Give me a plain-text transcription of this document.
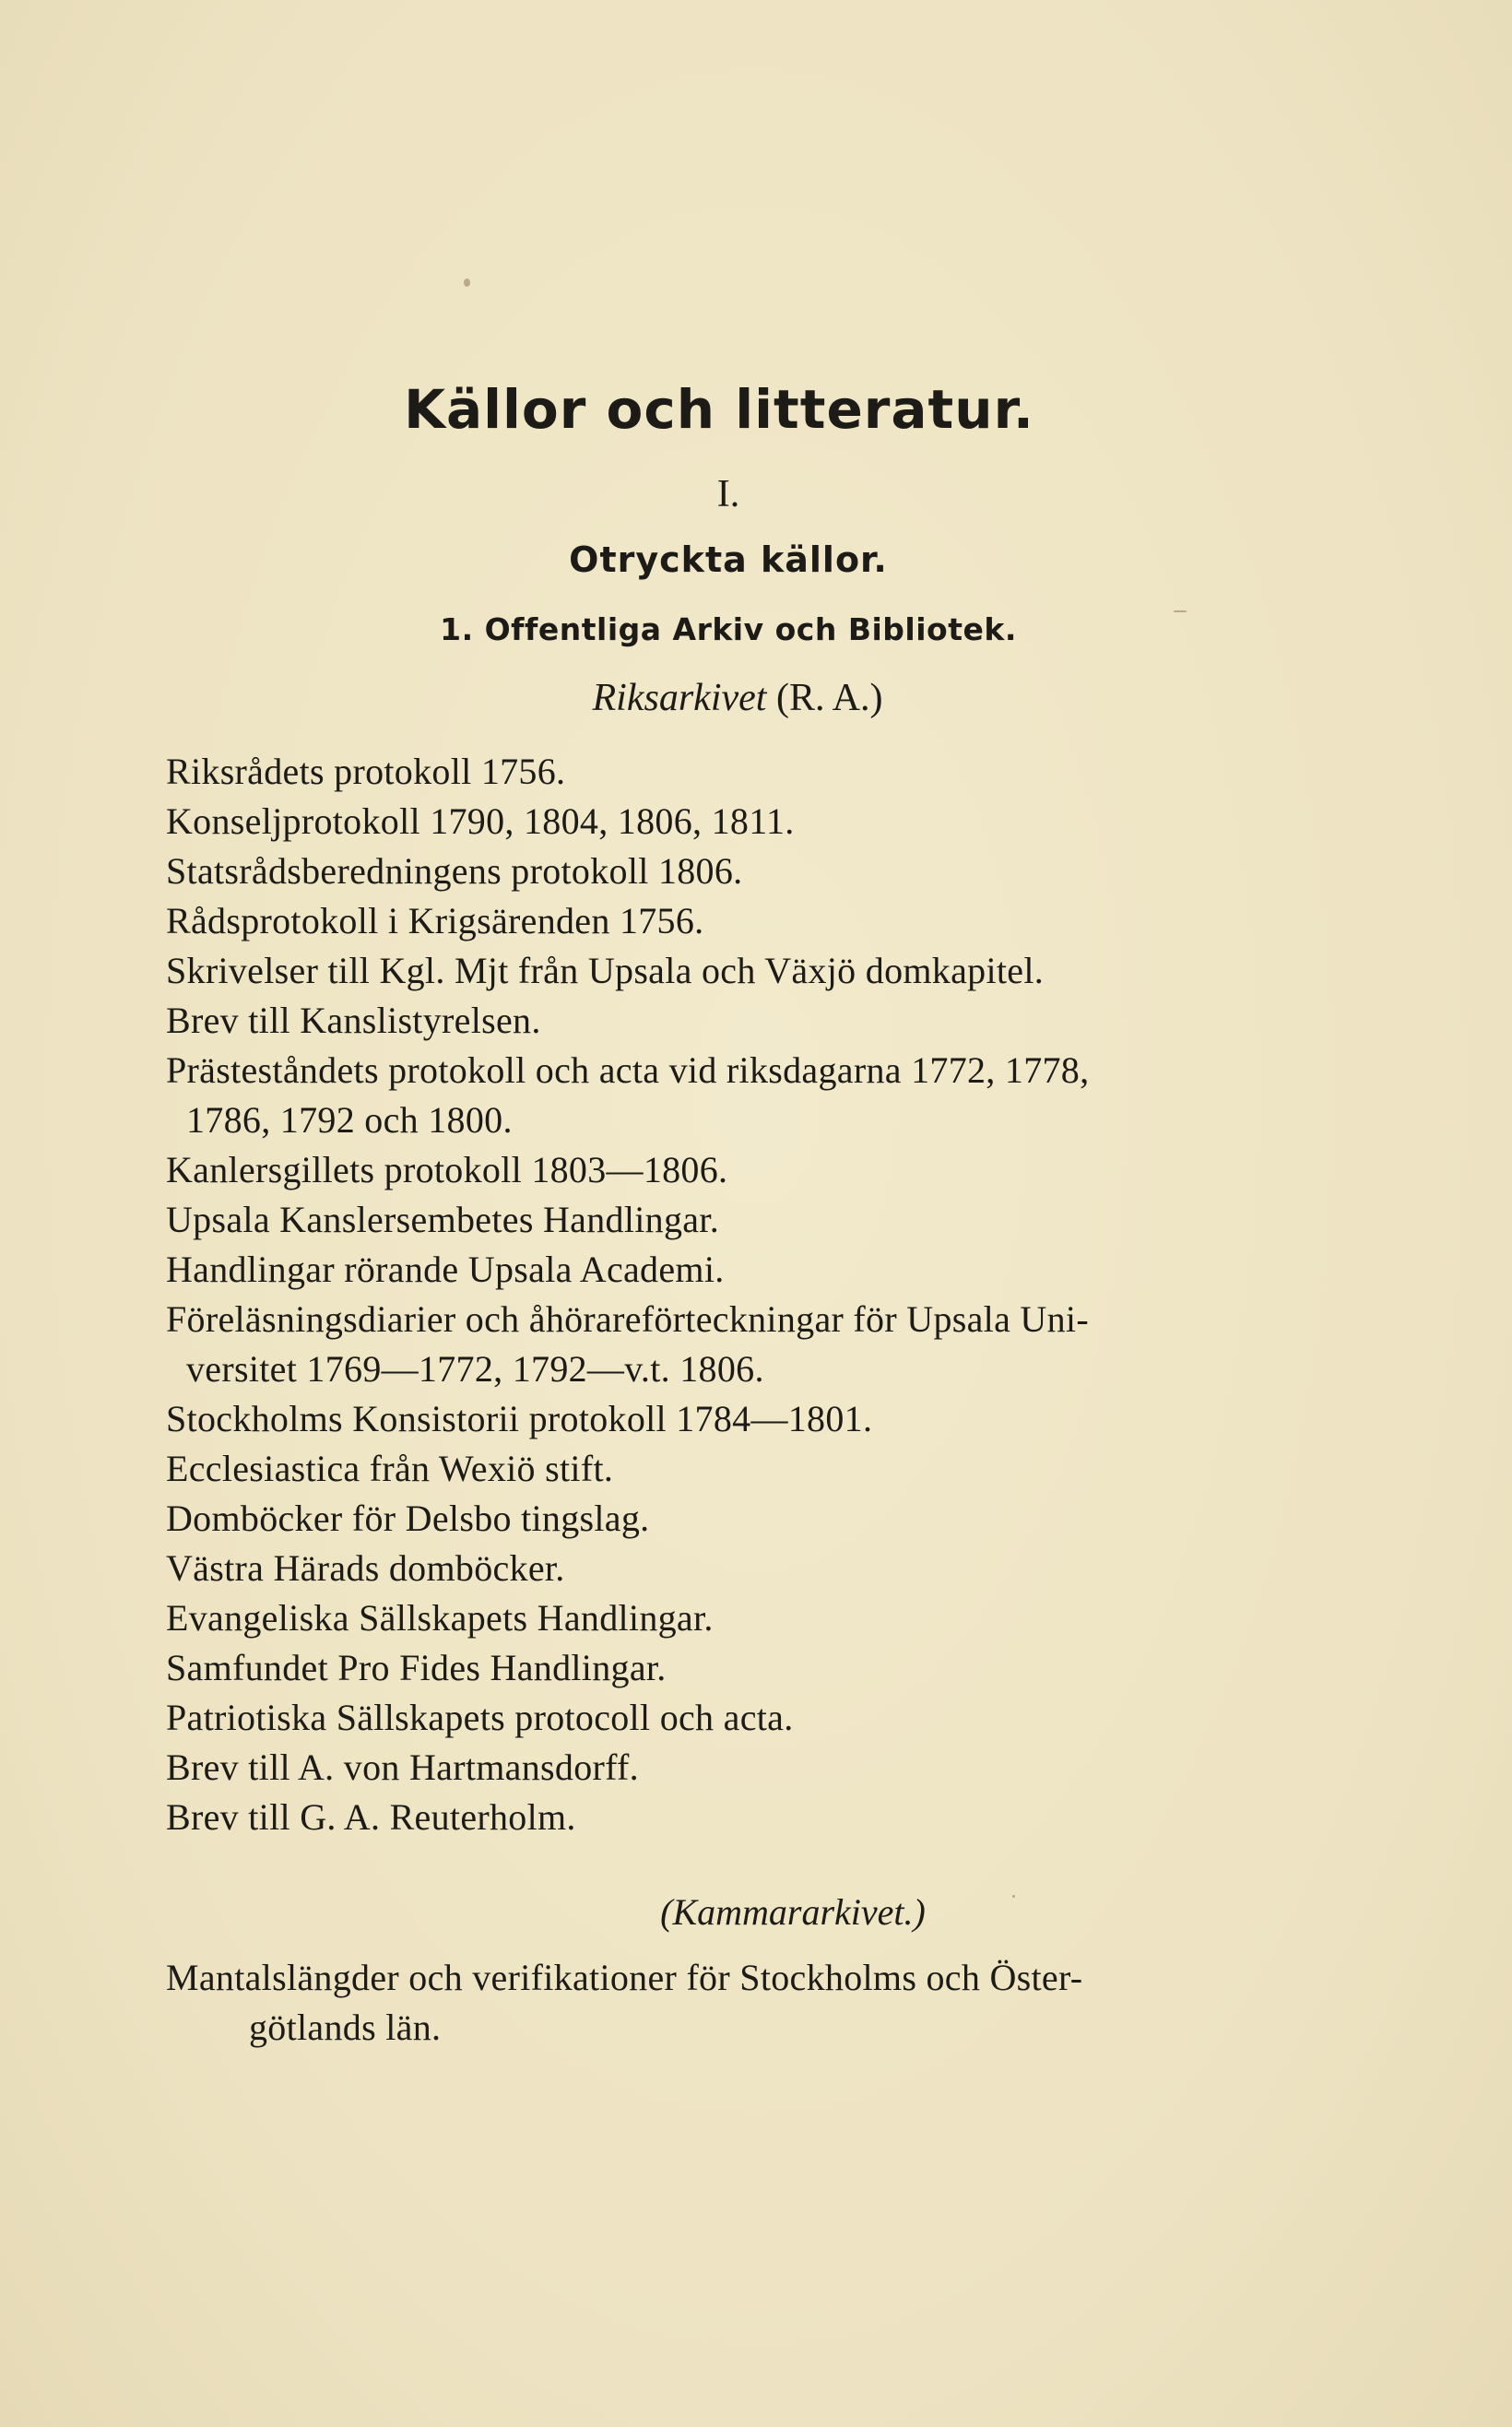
Källor och litteratur.
I.
Otryckta källor.
1. Offentliga Arkiv och Bibliotek.
Riksarkivet (R. A.)
Riksrådets protokoll 1756.
Konseljprotokoll 1790, 1804, 1806, 1811.
Statsrådsberedningens protokoll 1806.
Rådsprotokoll i Krigsärenden 1756.
Skrivelser till Kgl. Mjt från Upsala och Växjö domkapitel.
Brev till Kanslistyrelsen.
Prästeståndets protokoll och acta vid riksdagarna 1772, 1778,
1786, 1792 och 1800.
Kanlersgillets protokoll 1803—1806.
Upsala Kanslersembetes Handlingar.
Handlingar rörande Upsala Academi.
Föreläsningsdiarier och åhörareförteckningar för Upsala Uni-
versitet 1769—1772, 1792—v.t. 1806.
Stockholms Konsistorii protokoll 1784—1801.
Ecclesiastica från Wexiö stift.
Domböcker för Delsbo tingslag.
Västra Härads domböcker.
Evangeliska Sällskapets Handlingar.
Samfundet Pro Fides Handlingar.
Patriotiska Sällskapets protocoll och acta.
Brev till A. von Hartmansdorff.
Brev till G. A. Reuterholm.
(Kammararkivet.)
Mantalslängder och verifikationer för Stockholms och Öster-
götlands län.
